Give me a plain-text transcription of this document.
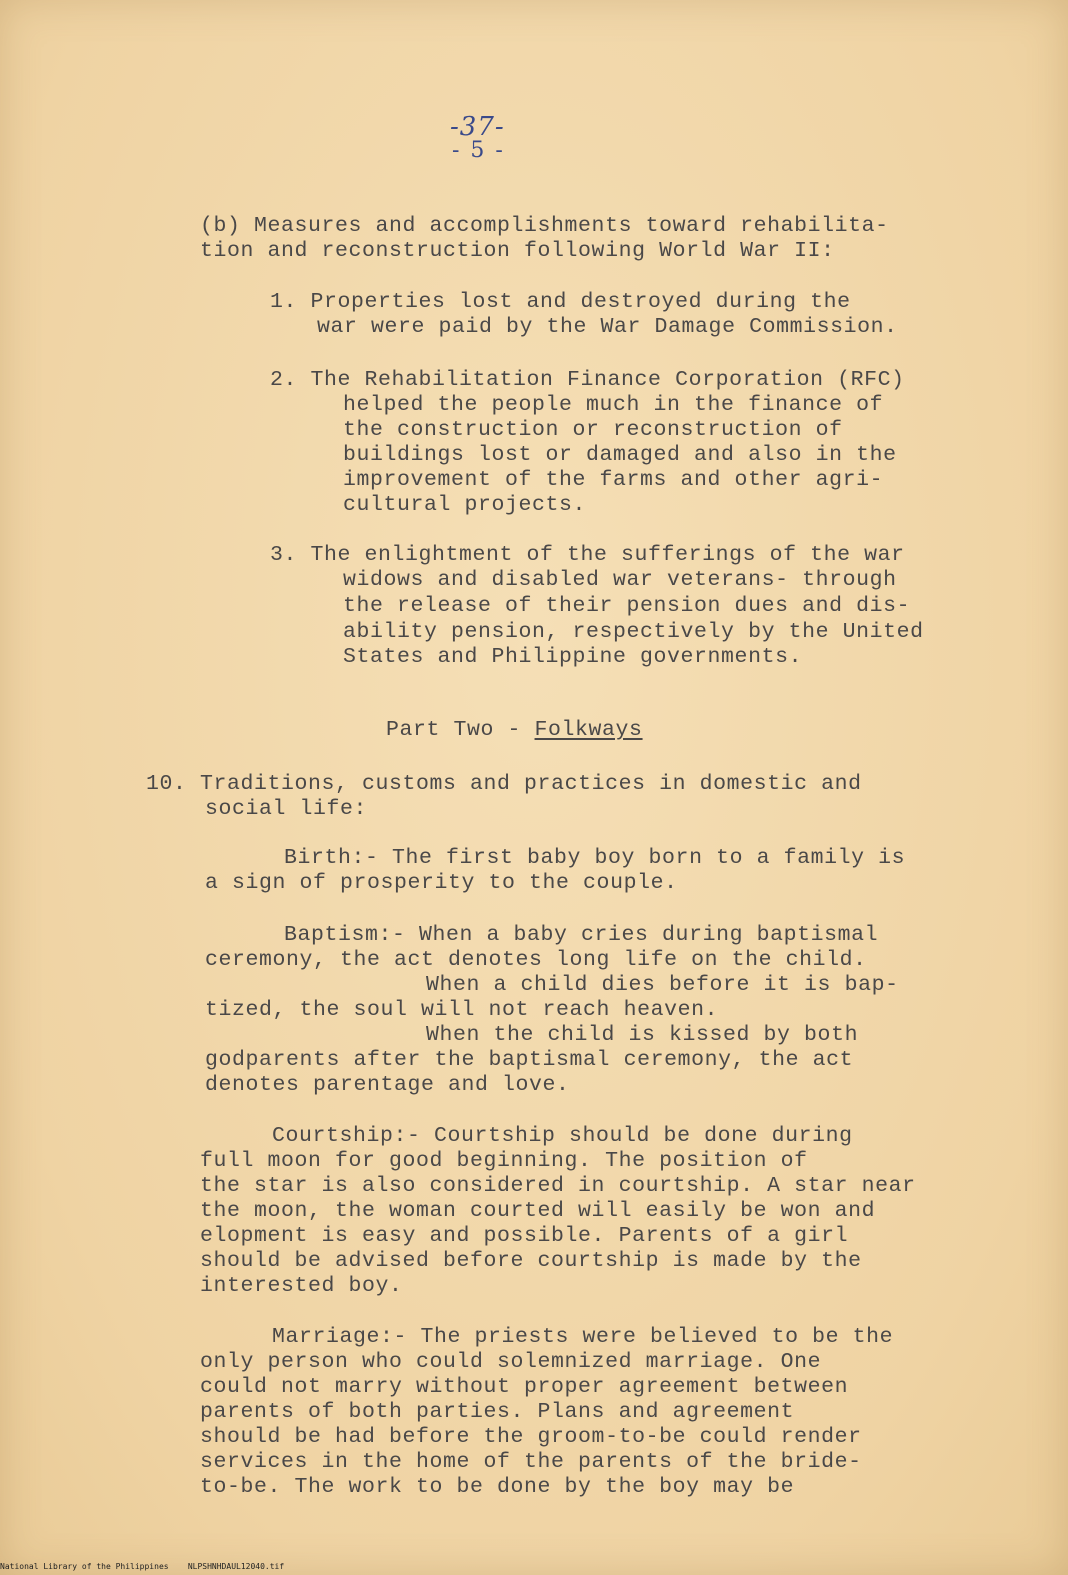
-37-
- 5 -
(b) Measures and accomplishments toward rehabilita-
tion and reconstruction following World War II:
1. Properties lost and destroyed during the
war were paid by the War Damage Commission.
2. The Rehabilitation Finance Corporation (RFC)
helped the people much in the finance of
the construction or reconstruction of
buildings lost or damaged and also in the
improvement of the farms and other agri-
cultural projects.
3. The enlightment of the sufferings of the war
widows and disabled war veterans- through
the release of their pension dues and dis-
ability pension, respectively by the United
States and Philippine governments.
Part Two - Folkways
10. Traditions, customs and practices in domestic and
social life:
Birth:- The first baby boy born to a family is
a sign of prosperity to the couple.
Baptism:- When a baby cries during baptismal
ceremony, the act denotes long life on the child.
When a child dies before it is bap-
tized, the soul will not reach heaven.
When the child is kissed by both
godparents after the baptismal ceremony, the act
denotes parentage and love.
Courtship:- Courtship should be done during
full moon for good beginning. The position of
the star is also considered in courtship. A star near
the moon, the woman courted will easily be won and
elopment is easy and possible. Parents of a girl
should be advised before courtship is made by the
interested boy.
Marriage:- The priests were believed to be the
only person who could solemnized marriage. One
could not marry without proper agreement between
parents of both parties. Plans and agreement
should be had before the groom-to-be could render
services in the home of the parents of the bride-
to-be. The work to be done by the boy may be
National Library of the Philippines    NLPSHNHDAUL12040.tif
